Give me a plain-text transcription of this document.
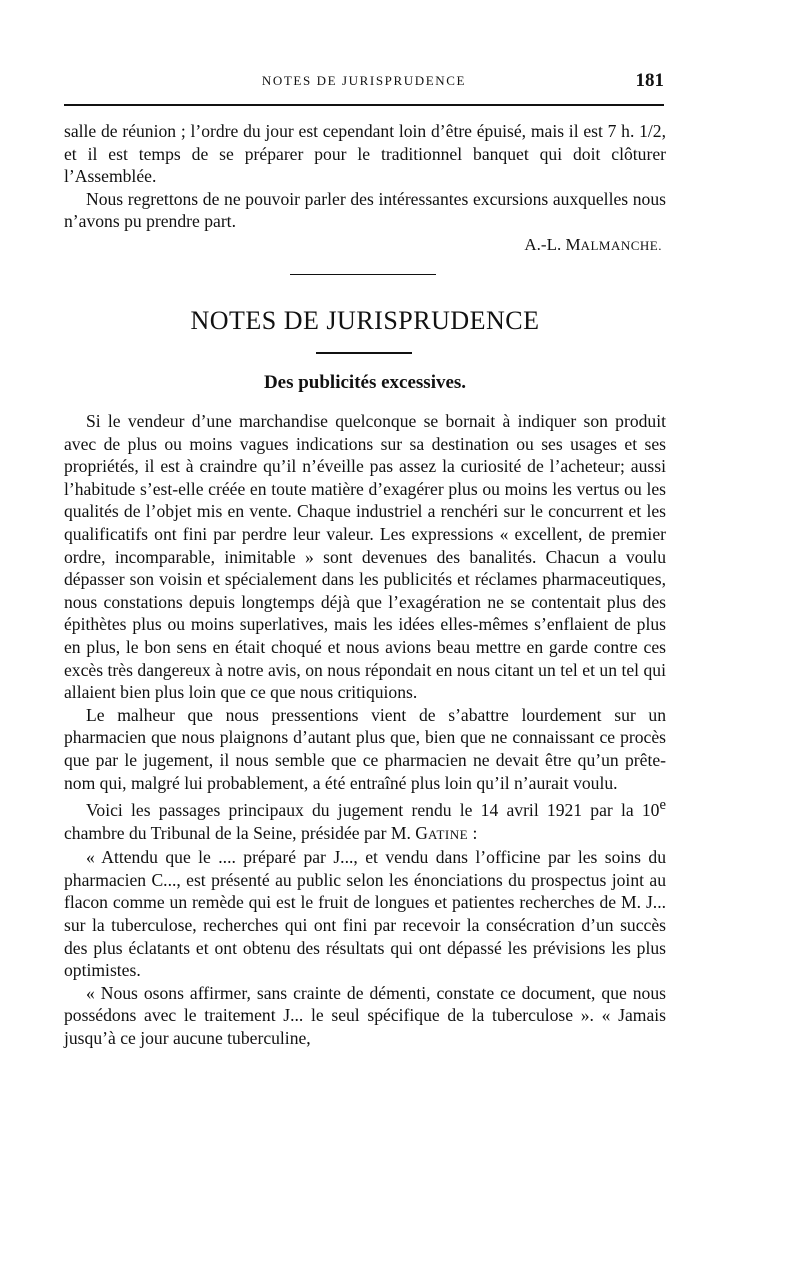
NOTES DE JURISPRUDENCE	181

salle de réunion ; l’ordre du jour est cependant loin d’être épuisé, mais il est 7 h. 1/2, et il est temps de se préparer pour le traditionnel banquet qui doit clôturer l’Assemblée.

Nous regrettons de ne pouvoir parler des intéressantes excursions auxquelles nous n’avons pu prendre part.

A.-L. MALMANCHE.
NOTES DE JURISPRUDENCE
Des publicités excessives.

Si le vendeur d’une marchandise quelconque se bornait à indiquer son produit avec de plus ou moins vagues indications sur sa destination ou ses usages et ses propriétés, il est à craindre qu’il n’éveille pas assez la curiosité de l’acheteur; aussi l’habitude s’est-elle créée en toute matière d’exagérer plus ou moins les vertus ou les qualités de l’objet mis en vente. Chaque industriel a renchéri sur le concurrent et les qualificatifs ont fini par perdre leur valeur. Les expressions « excellent, de premier ordre, incomparable, inimitable » sont devenues des banalités. Chacun a voulu dépasser son voisin et spécialement dans les publicités et réclames pharmaceutiques, nous constations depuis longtemps déjà que l’exagération ne se contentait plus des épithètes plus ou moins superlatives, mais les idées elles-mêmes s’enflaient de plus en plus, le bon sens en était choqué et nous avions beau mettre en garde contre ces excès très dangereux à notre avis, on nous répondait en nous citant un tel et un tel qui allaient bien plus loin que ce que nous critiquions.

Le malheur que nous pressentions vient de s’abattre lourdement sur un pharmacien que nous plaignons d’autant plus que, bien que ne connaissant ce procès que par le jugement, il nous semble que ce pharmacien ne devait être qu’un prête-nom qui, malgré lui probablement, a été entraîné plus loin qu’il n’aurait voulu.

Voici les passages principaux du jugement rendu le 14 avril 1921 par la 10e chambre du Tribunal de la Seine, présidée par M. GATINE :

« Attendu que le .... préparé par J..., et vendu dans l’officine par les soins du pharmacien C..., est présenté au public selon les énonciations du prospectus joint au flacon comme un remède qui est le fruit de longues et patientes recherches de M. J... sur la tuberculose, recherches qui ont fini par recevoir la consécration d’un succès des plus éclatants et ont obtenu des résultats qui ont dépassé les prévisions les plus optimistes.

« Nous osons affirmer, sans crainte de démenti, constate ce document, que nous possédons avec le traitement J... le seul spécifique de la tuberculose ». « Jamais jusqu’à ce jour aucune tuberculine,
